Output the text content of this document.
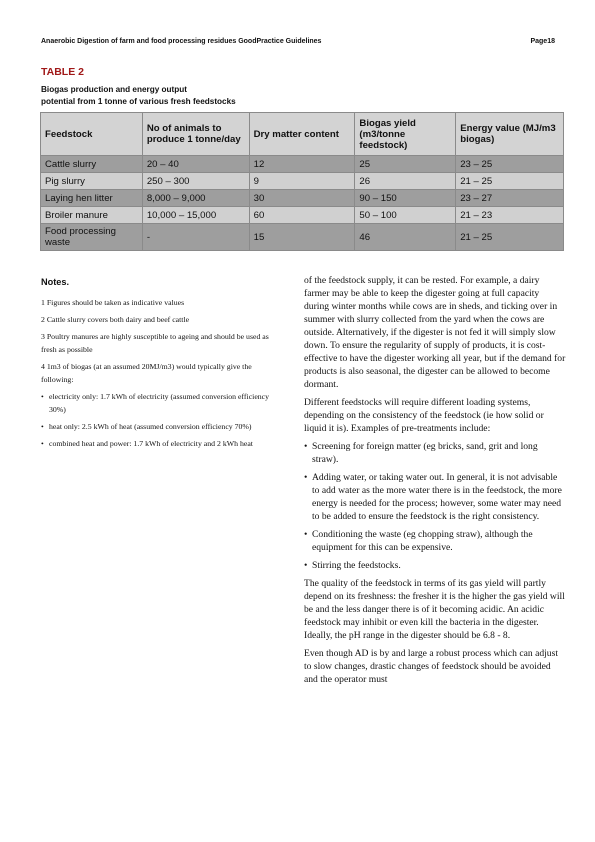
Anaerobic Digestion of farm and food processing residues GoodPractice Guidelines	Page18
TABLE 2
Biogas production and energy output
potential from 1 tonne of various fresh feedstocks
Feedstock	No of animals to produce 1 tonne/day	Dry matter content	Biogas yield (m3/tonne feedstock)	Energy value (MJ/m3 biogas)
Cattle slurry	20 – 40	12	25	23 – 25
Pig slurry	250 – 300	9	26	21 – 25
Laying hen litter	8,000 – 9,000	30	90 – 150	23 – 27
Broiler manure	10,000 – 15,000	60	50 – 100	21 – 23
Food processing waste	-	15	46	21 – 25
Notes.

1 Figures should be taken as indicative values

2 Cattle slurry covers both dairy and beef cattle

3 Poultry manures are highly susceptible to ageing and should be used as fresh as possible

4 1m3 of biogas (at an assumed 20MJ/m3) would typically give the following:

• electricity only: 1.7 kWh of electricity (assumed conversion efficiency 30%)
• heat only: 2.5 kWh of heat (assumed conversion efficiency 70%)
• combined heat and power: 1.7 kWh of electricity and 2 kWh heat

of the feedstock supply, it can be rested. For example, a dairy farmer may be able to keep the digester going at full capacity during winter months while cows are in sheds, and ticking over in summer with slurry collected from the yard when the cows are outside. Alternatively, if the digester is not fed it will simply slow down. To ensure the regularity of supply of products, it is cost-effective to have the digester working all year, but if the demand for products is also seasonal, the digester can be allowed to become dormant.

Different feedstocks will require different loading systems, depending on the consistency of the feedstock (ie how solid or liquid it is). Examples of pre-treatments include:

• Screening for foreign matter (eg bricks, sand, grit and long straw).
• Adding water, or taking water out. In general, it is not advisable to add water as the more water there is in the feedstock, the more energy is needed for the process; however, some water may need to be added to ensure the feedstock is the right consistency.
• Conditioning the waste (eg chopping straw), although the equipment for this can be expensive.
• Stirring the feedstocks.

The quality of the feedstock in terms of its gas yield will partly depend on its freshness: the fresher it is the higher the gas yield will be and the less danger there is of it becoming acidic. An acidic feedstock may inhibit or even kill the bacteria in the digester. Ideally, the pH range in the digester should be 6.8 - 8.

Even though AD is by and large a robust process which can adjust to slow changes, drastic changes of feedstock should be avoided and the operator must
